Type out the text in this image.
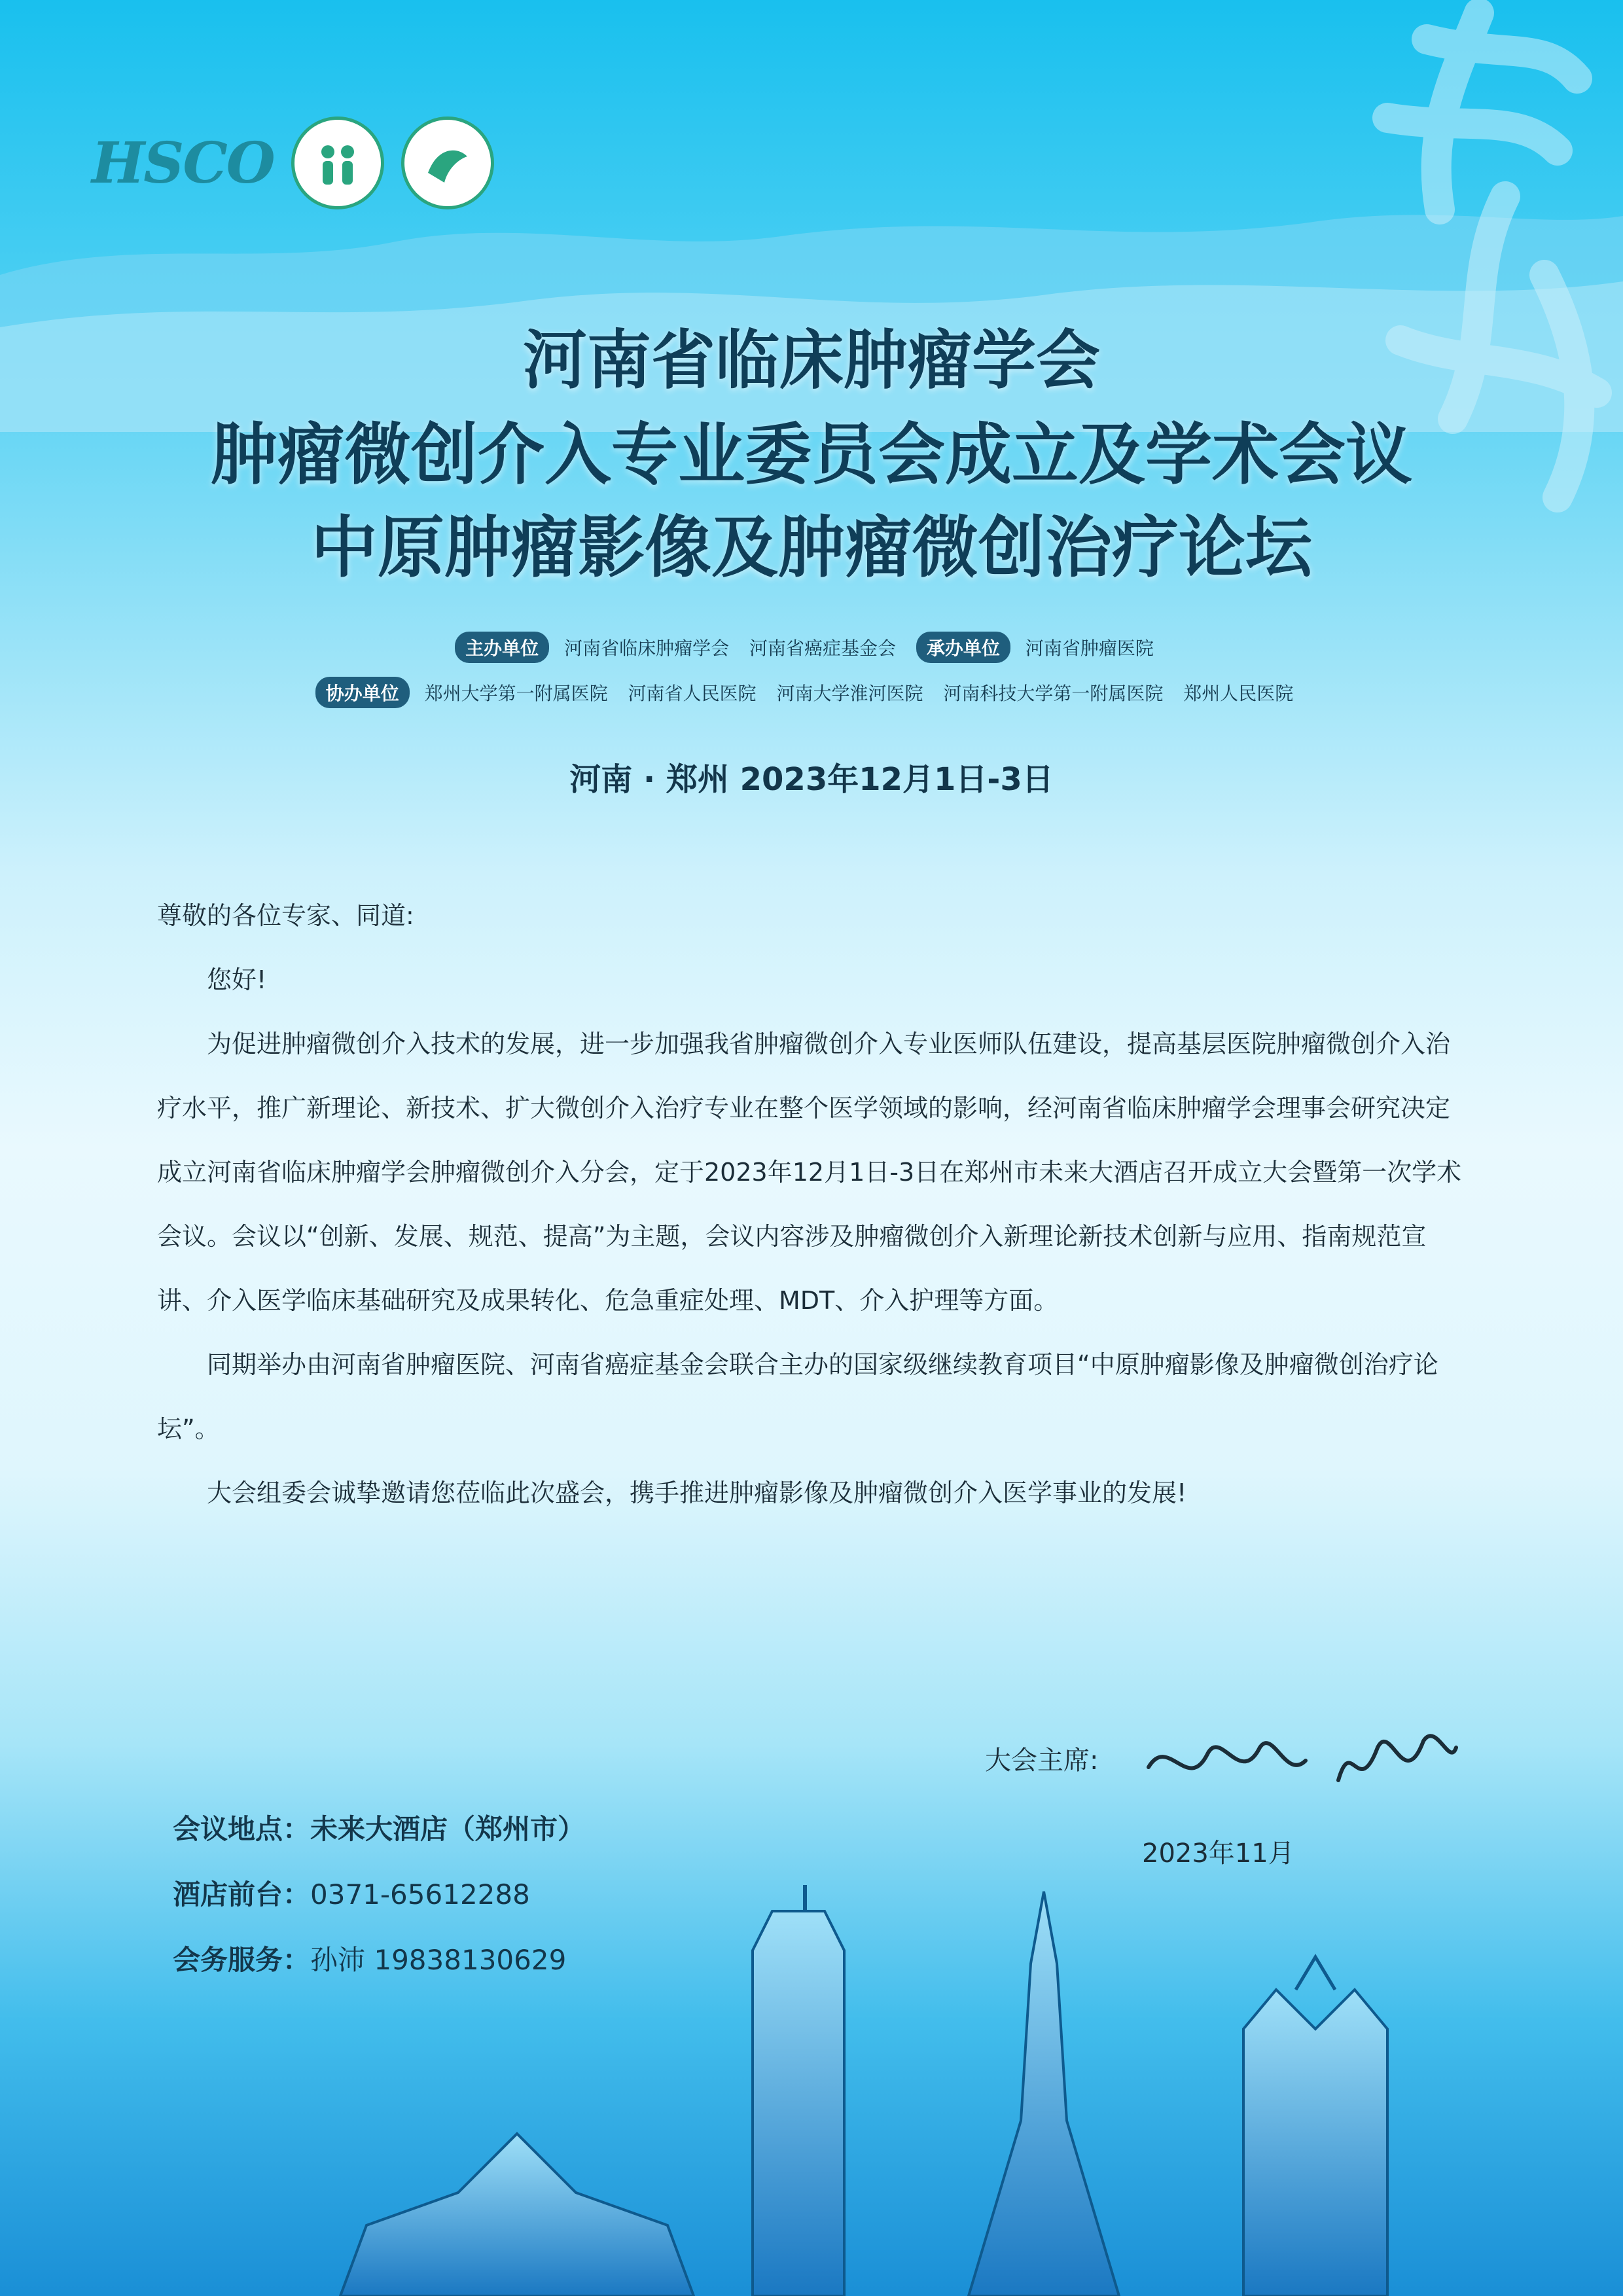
HSCO
河南省临床肿瘤学会
肿瘤微创介入专业委员会成立及学术会议
中原肿瘤影像及肿瘤微创治疗论坛
主办单位 河南省临床肿瘤学会 河南省癌症基金会 承办单位 河南省肿瘤医院
协办单位 郑州大学第一附属医院 河南省人民医院 河南大学淮河医院 河南科技大学第一附属医院 郑州人民医院
河南 · 郑州 2023年12月1日-3日

尊敬的各位专家、同道:

您好!

为促进肿瘤微创介入技术的发展，进一步加强我省肿瘤微创介入专业医师队伍建设，提高基层医院肿瘤微创介入治疗水平，推广新理论、新技术、扩大微创介入治疗专业在整个医学领域的影响，经河南省临床肿瘤学会理事会研究决定成立河南省临床肿瘤学会肿瘤微创介入分会，定于2023年12月1日-3日在郑州市未来大酒店召开成立大会暨第一次学术会议。会议以“创新、发展、规范、提高”为主题，会议内容涉及肿瘤微创介入新理论新技术创新与应用、指南规范宣讲、介入医学临床基础研究及成果转化、危急重症处理、MDT、介入护理等方面。

同期举办由河南省肿瘤医院、河南省癌症基金会联合主办的国家级继续教育项目“中原肿瘤影像及肿瘤微创治疗论坛”。

大会组委会诚挚邀请您莅临此次盛会，携手推进肿瘤影像及肿瘤微创介入医学事业的发展!

大会主席:
2023年11月
会议地点：未来大酒店（郑州市）
酒店前台：0371-65612288
会务服务：孙沛 19838130629
